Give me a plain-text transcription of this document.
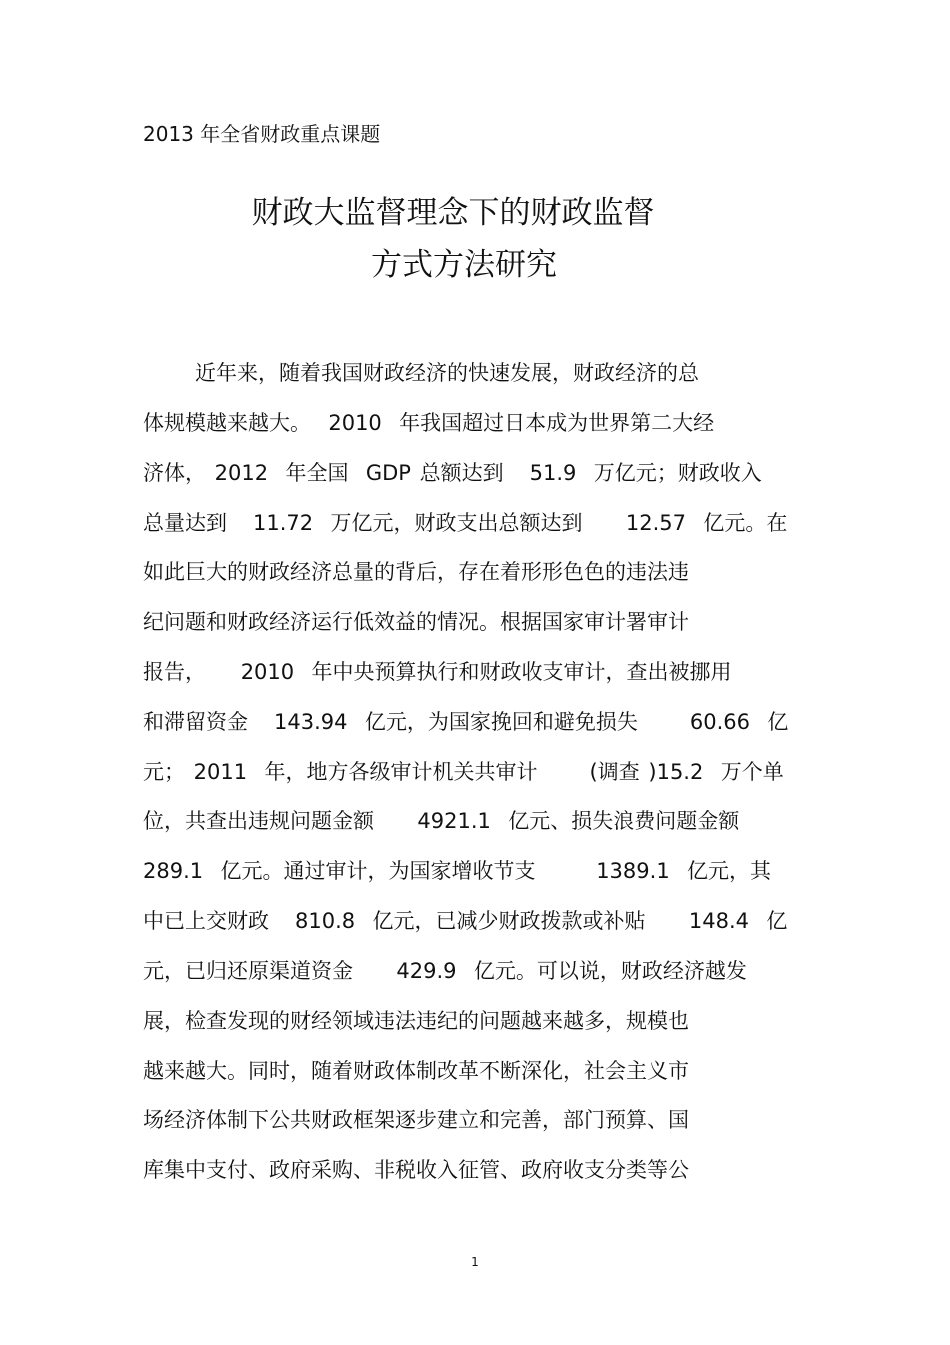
2013 年全省财政重点课题
财政大监督理念下的财政监督
方式方法研究
近年来，随着我国财政经济的快速发展，财政经济的总
体规模越来越大。  2010  年我国超过日本成为世界第二大经
济体， 2012  年全国  GDP 总额达到   51.9  万亿元；财政收入
总量达到   11.72  万亿元，财政支出总额达到     12.57  亿元。在
如此巨大的财政经济总量的背后，存在着形形色色的违法违
纪问题和财政经济运行低效益的情况。根据国家审计署审计
报告，    2010  年中央预算执行和财政收支审计，查出被挪用
和滞留资金   143.94  亿元，为国家挽回和避免损失      60.66  亿
元； 2011  年，地方各级审计机关共审计      (调查 )15.2  万个单
位，共查出违规问题金额     4921.1  亿元、损失浪费问题金额
289.1  亿元。通过审计，为国家增收节支       1389.1  亿元，其
中已上交财政   810.8  亿元，已减少财政拨款或补贴     148.4  亿
元，已归还原渠道资金     429.9  亿元。可以说，财政经济越发
展，检查发现的财经领域违法违纪的问题越来越多，规模也
越来越大。同时，随着财政体制改革不断深化，社会主义市
场经济体制下公共财政框架逐步建立和完善，部门预算、国
库集中支付、政府采购、非税收入征管、政府收支分类等公
1
